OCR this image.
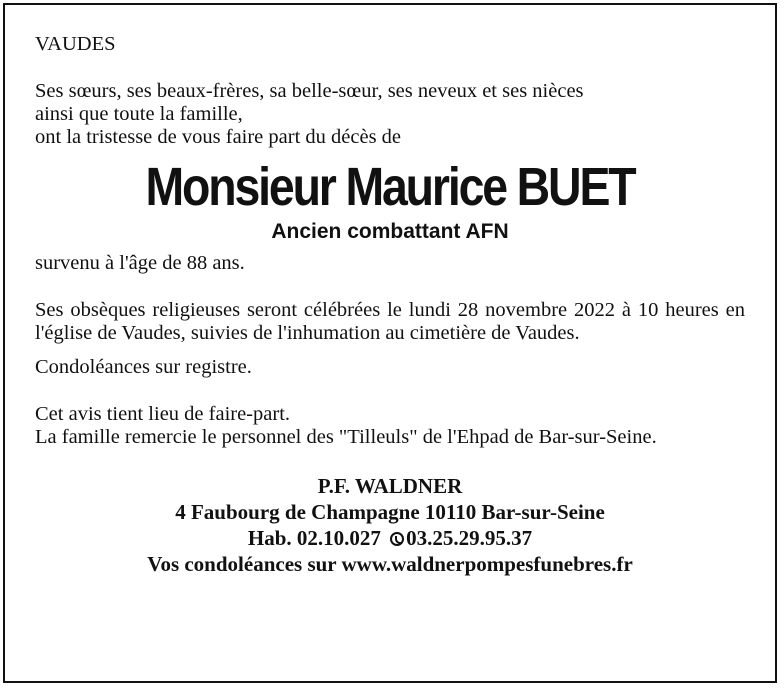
VAUDES

Ses sœurs, ses beaux-frères, sa belle-sœur, ses neveux et ses nièces
ainsi que toute la famille,
ont la tristesse de vous faire part du décès de

Monsieur Maurice BUET
Ancien combattant AFN

survenu à l'âge de 88 ans.

Ses obsèques religieuses seront célébrées le lundi 28 novembre 2022 à 10 heures en l'église de Vaudes, suivies de l'inhumation au cimetière de Vaudes.

Condoléances sur registre.

Cet avis tient lieu de faire-part.

La famille remercie le personnel des "Tilleuls" de l'Ehpad de Bar-sur-Seine.

P.F. WALDNER
4 Faubourg de Champagne 10110 Bar-sur-Seine
Hab. 02.10.027 03.25.29.95.37
Vos condoléances sur www.waldnerpompesfunebres.fr
